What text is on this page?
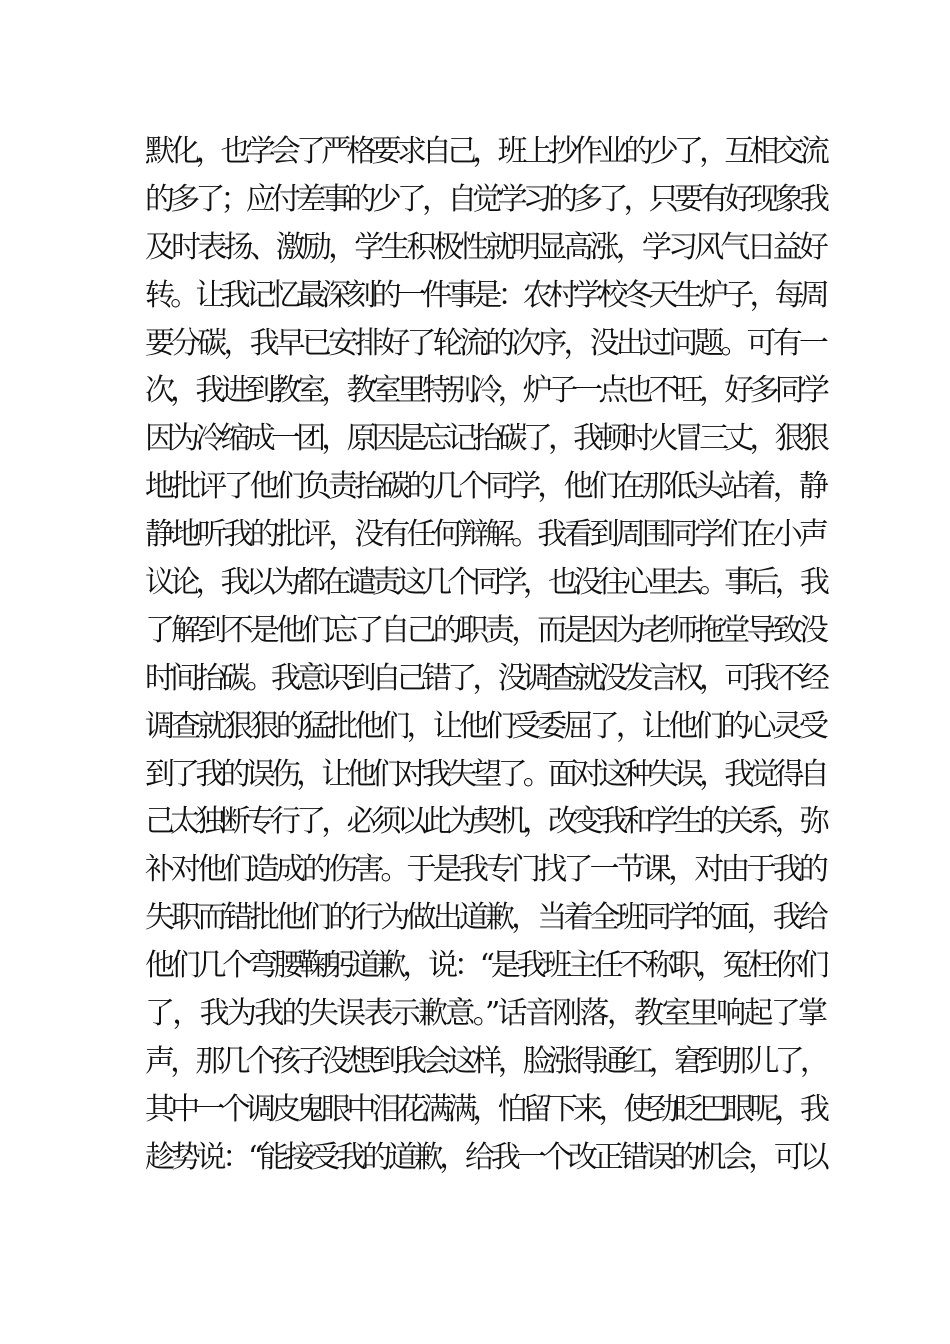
默化，也学会了严格要求自己，班上抄作业的少了，互相交流
的多了；应付差事的少了，自觉学习的多了，只要有好现象我
及时表扬、激励，学生积极性就明显高涨，学习风气日益好
转。让我记忆最深刻的一件事是：农村学校冬天生炉子，每周
要分碳，我早已安排好了轮流的次序，没出过问题。可有一
次，我进到教室，教室里特别冷，炉子一点也不旺，好多同学
因为冷缩成一团，原因是忘记抬碳了，我顿时火冒三丈，狠狠
地批评了他们负责抬碳的几个同学，他们在那低头站着，静
静地听我的批评，没有任何辩解。我看到周围同学们在小声
议论，我以为都在谴责这几个同学，也没往心里去。事后，我
了解到不是他们忘了自己的职责，而是因为老师拖堂导致没
时间抬碳。我意识到自己错了，没调查就没发言权，可我不经
调查就狠狠的猛批他们，让他们受委屈了，让他们的心灵受
到了我的误伤，让他们对我失望了。面对这种失误，我觉得自
己太独断专行了，必须以此为契机，改变我和学生的关系，弥
补对他们造成的伤害。于是我专门找了一节课，对由于我的
失职而错批他们的行为做出道歉，当着全班同学的面，我给
他们几个弯腰鞠躬道歉，说：“是我班主任不称职，冤枉你们
了，我为我的失误表示歉意。”话音刚落，教室里响起了掌
声，那几个孩子没想到我会这样，脸涨得通红，窘到那儿了，
其中一个调皮鬼眼中泪花满满，怕留下来，使劲眨巴眼呢，我
趁势说：“能接受我的道歉，给我一个改正错误的机会，可以
